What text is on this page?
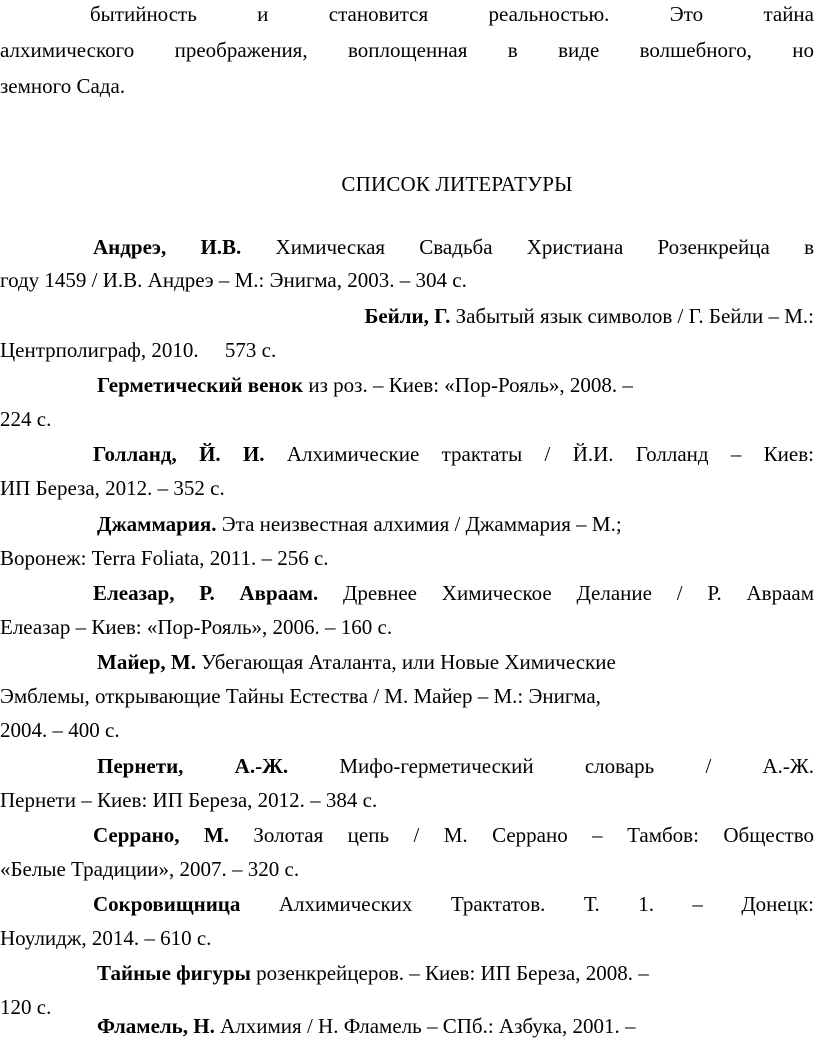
бытийность и становится реальностью. Это тайна
алхимического преображения, воплощенная в виде волшебного, но
земного Сада.
СПИСОК ЛИТЕРАТУРЫ
Андреэ, И.В. Химическая Свадьба Христиана Розенкрейца в
году 1459 / И.В. Андреэ – М.: Энигма, 2003. – 304 с.
Бейли, Г. Забытый язык символов / Г. Бейли – М.:
Центрполиграф, 2010.     573 с.
Герметический венок из роз. – Киев: «Пор-Рояль», 2008. –
224 с.
Голланд, Й. И. Алхимические трактаты / Й.И. Голланд – Киев:
ИП Береза, 2012. – 352 с.
Джаммария. Эта неизвестная алхимия / Джаммария – М.;
Воронеж: Terra Foliata, 2011. – 256 с.
Елеазар, Р. Авраам. Древнее Химическое Делание / Р. Авраам
Елеазар – Киев: «Пор-Рояль», 2006. – 160 с.
Майер, М. Убегающая Аталанта, или Новые Химические
Эмблемы, открывающие Тайны Естества / М. Майер – М.: Энигма,
2004. – 400 с.
Пернети, А.-Ж. Мифо-герметический словарь / А.-Ж.
Пернети – Киев: ИП Береза, 2012. – 384 с.
Серрано, М. Золотая цепь / М. Серрано – Тамбов: Общество
«Белые Традиции», 2007. – 320 с.
Сокровищница Алхимических Трактатов. Т. 1. – Донецк:
Ноулидж, 2014. – 610 с.
Тайные фигуры розенкрейцеров. – Киев: ИП Береза, 2008. –
120 с.
Фламель, Н. Алхимия / Н. Фламель – СПб.: Азбука, 2001. –
